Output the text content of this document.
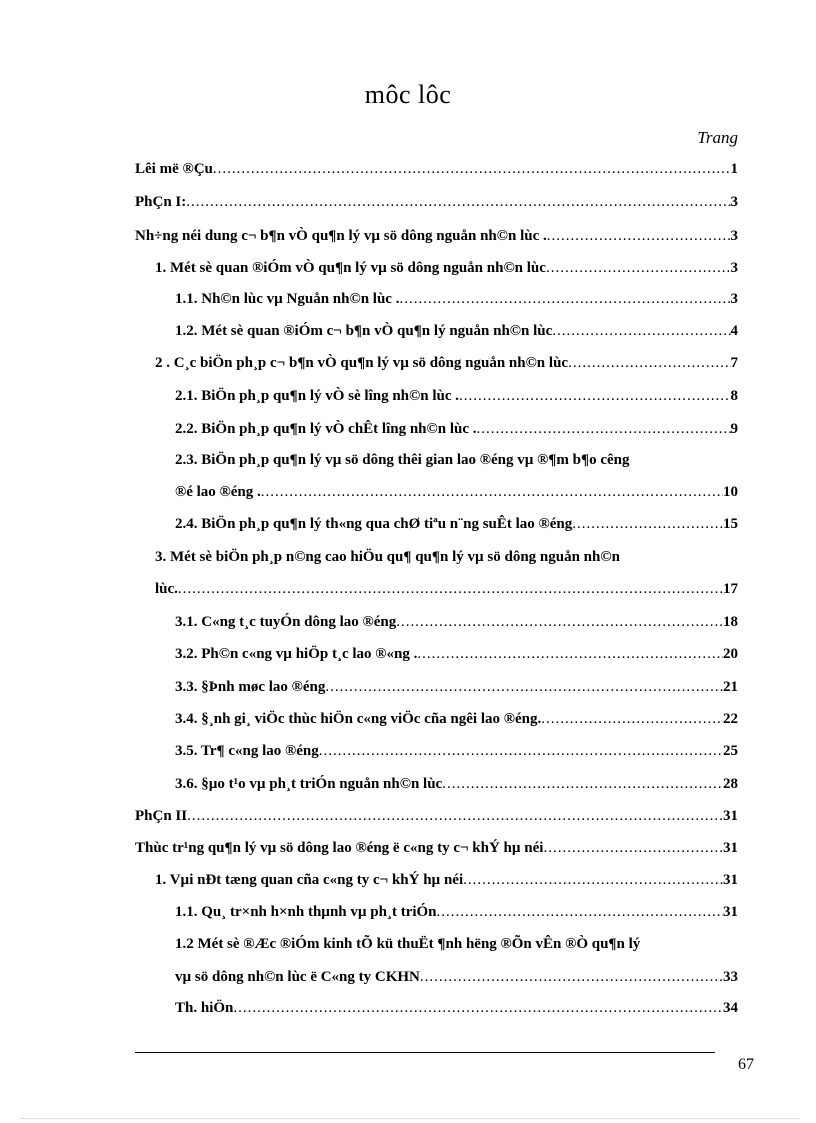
môc lôc
Trang
Lêi më ®Çu .....	1
PhÇn I: .....	3
Nh÷ng néi dung c¬ b¶n vÒ qu¶n lý vµ sö dông nguån nh©n lùc . .....	3
1. Mét sè quan ®iÓm vÒ qu¶n lý vµ sö dông nguån nh©n lùc .....	3
1.1. Nh©n lùc vµ Nguån nh©n lùc . .....	3
1.2. Mét sè quan ®iÓm c¬ b¶n vÒ qu¶n lý nguån nh©n lùc .....	4
2 . C¸c biÖn ph¸p c¬ b¶n vÒ qu¶n lý vµ sö dông nguån nh©n lùc .....	7
2.1. BiÖn ph¸p qu¶n lý vÒ sè lîng nh©n lùc . .....	8
2.2. BiÖn ph¸p qu¶n lý vÒ chÊt lîng nh©n lùc . .....	9
2.3. BiÖn ph¸p qu¶n lý vµ sö dông thêi gian lao ®éng vµ ®¶m b¶o cêng
®é lao ®éng . .....	10
2.4. BiÖn ph¸p qu¶n lý th«ng qua chØ tiªu n¨ng suÊt lao ®éng .....	15
3. Mét sè biÖn ph¸p n©ng cao hiÖu qu¶ qu¶n lý vµ sö dông nguån nh©n
lùc. .....	17
3.1. C«ng t¸c tuyÓn dông lao ®éng .....	18
3.2. Ph©n c«ng vµ hiÖp t¸c lao ®«ng . .....	20
3.3. §Þnh møc lao ®éng .....	21
3.4. §¸nh gi¸ viÖc thùc hiÖn c«ng viÖc cña ngêi lao ®éng. .....	22
3.5. Tr¶ c«ng lao ®éng .....	25
3.6. §µo t¹o vµ ph¸t triÓn nguån nh©n lùc .....	28
PhÇn II .....	31
Thùc tr¹ng qu¶n lý vµ sö dông lao ®éng ë c«ng ty c¬ khÝ hµ néi .....	31
1. Vµi nÐt tæng quan cña c«ng ty c¬ khÝ hµ néi .....	31
1.1. Qu¸ tr×nh h×nh thµnh vµ ph¸t triÓn .....	31
1.2 Mét sè ®Æc ®iÓm kinh tÕ kü thuËt ¶nh hëng ®Õn vÊn ®Ò qu¶n lý
vµ sö dông nh©n lùc ë C«ng ty CKHN .....	33
Th. hiÖn .....	34
67
